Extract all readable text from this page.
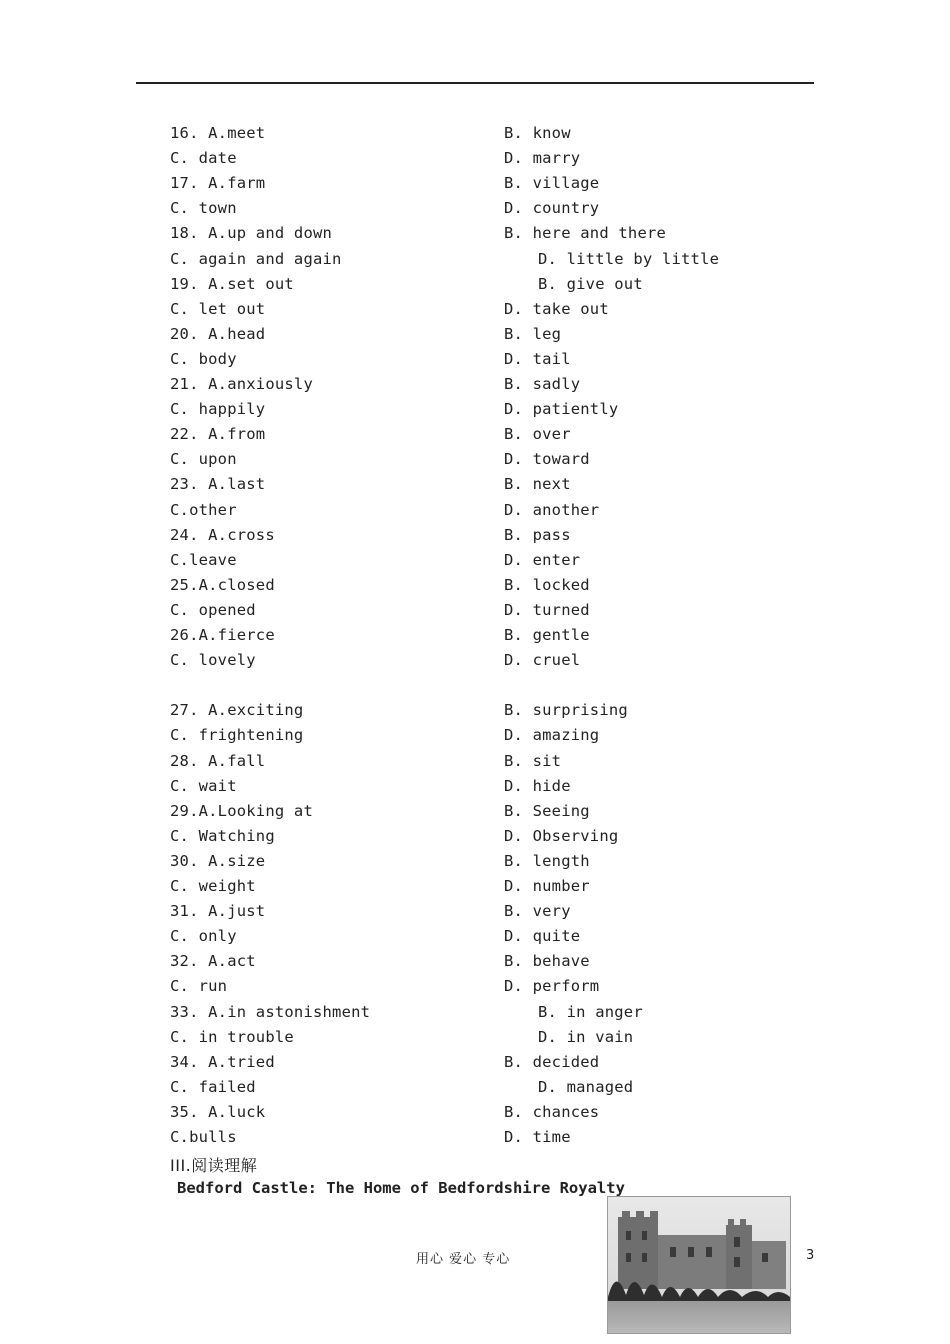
16. A.meet	B. know
C. date	D. marry
17. A.farm	B. village
C. town	D. country
18. A.up and down	B. here and there
C. again and again	D. little by little
19. A.set out	B. give out
C. let out	D. take out
20. A.head	B. leg
C. body	D. tail
21. A.anxiously	B. sadly
C. happily	D. patiently
22. A.from	B. over
C. upon	D. toward
23. A.last	B. next
C.other	D. another
24. A.cross	B. pass
C.leave	D. enter
25.A.closed	B. locked
C. opened	D. turned
26.A.fierce	B. gentle
C. lovely	D. cruel
27. A.exciting	B. surprising
C. frightening	D. amazing
28. A.fall	B. sit
C. wait	D. hide
29.A.Looking at	B. Seeing
C. Watching	D. Observing
30. A.size	B. length
C. weight	D. number
31. A.just	B. very
C. only	D. quite
32. A.act	B. behave
C. run	D. perform
33. A.in astonishment	B. in anger
C. in trouble	D. in vain
34. A.tried	B. decided
C. failed	D. managed
35. A.luck	B. chances
C.bulls	D. time
III.阅读理解
Bedford Castle: The Home of Bedfordshire Royalty
用心 爱心 专心	3
